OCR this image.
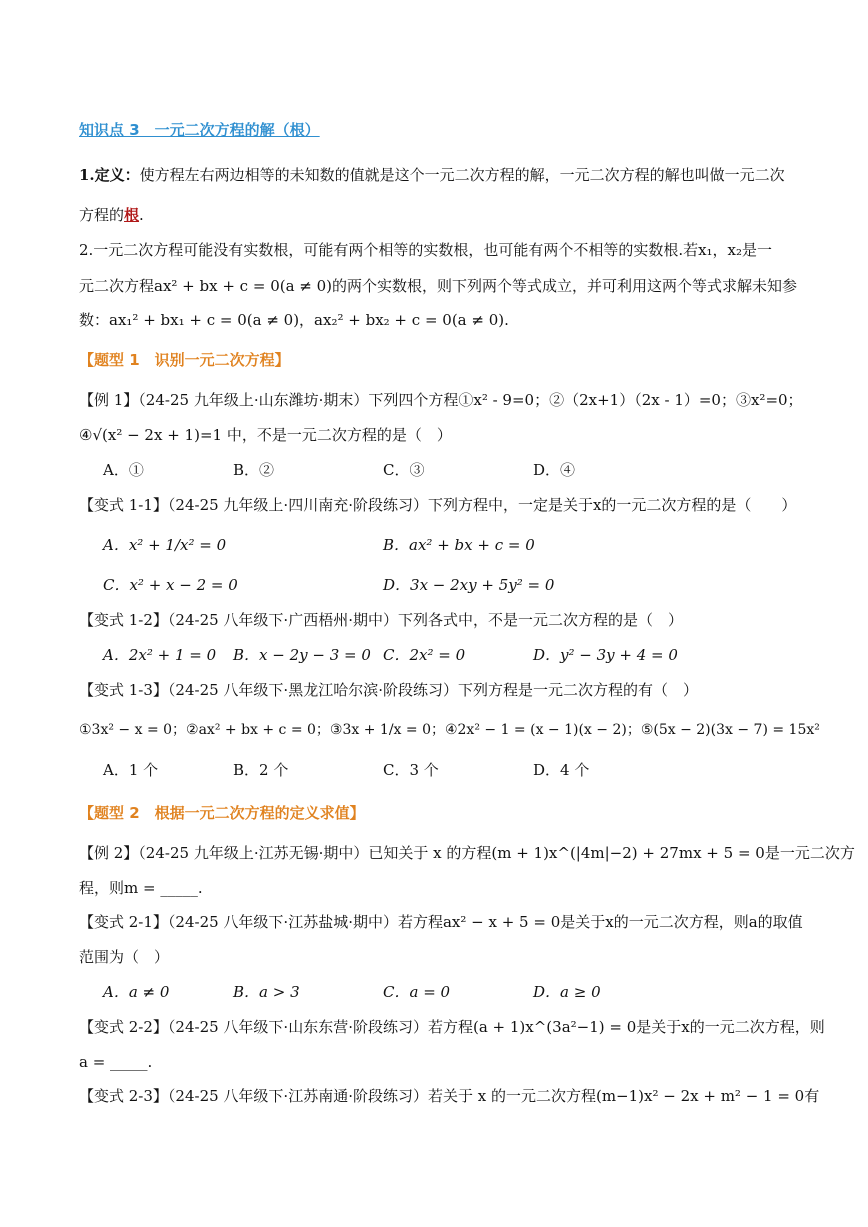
知识点 3　一元二次方程的解（根）
1.定义：使方程左右两边相等的未知数的值就是这个一元二次方程的解，一元二次方程的解也叫做一元二次
方程的根.
2.一元二次方程可能没有实数根，可能有两个相等的实数根，也可能有两个不相等的实数根.若x₁，x₂是一
元二次方程ax² + bx + c = 0(a ≠ 0)的两个实数根，则下列两个等式成立，并可利用这两个等式求解未知参
数：ax₁² + bx₁ + c = 0(a ≠ 0)，ax₂² + bx₂ + c = 0(a ≠ 0).
【题型 1　识别一元二次方程】
【例 1】（24-25 九年级上·山东潍坊·期末）下列四个方程①x² - 9=0；②（2x+1）（2x - 1）=0；③x²=0；
④√(x² − 2x + 1)=1 中，不是一元二次方程的是（　）
A．①	B．②	C．③	D．④
【变式 1-1】（24-25 九年级上·四川南充·阶段练习）下列方程中，一定是关于x的一元二次方程的是（　　）
A．x² + 1/x² = 0	B．ax² + bx + c = 0
C．x² + x − 2 = 0	D．3x − 2xy + 5y² = 0
【变式 1-2】（24-25 八年级下·广西梧州·期中）下列各式中，不是一元二次方程的是（　）
A．2x² + 1 = 0 B．x − 2y − 3 = 0 C．2x² = 0	D．y² − 3y + 4 = 0
【变式 1-3】（24-25 八年级下·黑龙江哈尔滨·阶段练习）下列方程是一元二次方程的有（　）
①3x² − x = 0；②ax² + bx + c = 0；③3x + 1/x = 0；④2x² − 1 = (x − 1)(x − 2)；⑤(5x − 2)(3x − 7) = 15x²
A．1 个	B．2 个	C．3 个	D．4 个
【题型 2　根据一元二次方程的定义求值】
【例 2】（24-25 九年级上·江苏无锡·期中）已知关于 x 的方程(m + 1)x^(|4m|−2) + 27mx + 5 = 0是一元二次方
程，则m = _____.
【变式 2-1】（24-25 八年级下·江苏盐城·期中）若方程ax² − x + 5 = 0是关于x的一元二次方程，则a的取值
范围为（　）
A．a ≠ 0	B．a > 3	C．a = 0	D．a ≥ 0
【变式 2-2】（24-25 八年级下·山东东营·阶段练习）若方程(a + 1)x^(3a²−1) = 0是关于x的一元二次方程，则
a = _____.
【变式 2-3】（24-25 八年级下·江苏南通·阶段练习）若关于 x 的一元二次方程(m−1)x² − 2x + m² − 1 = 0有
